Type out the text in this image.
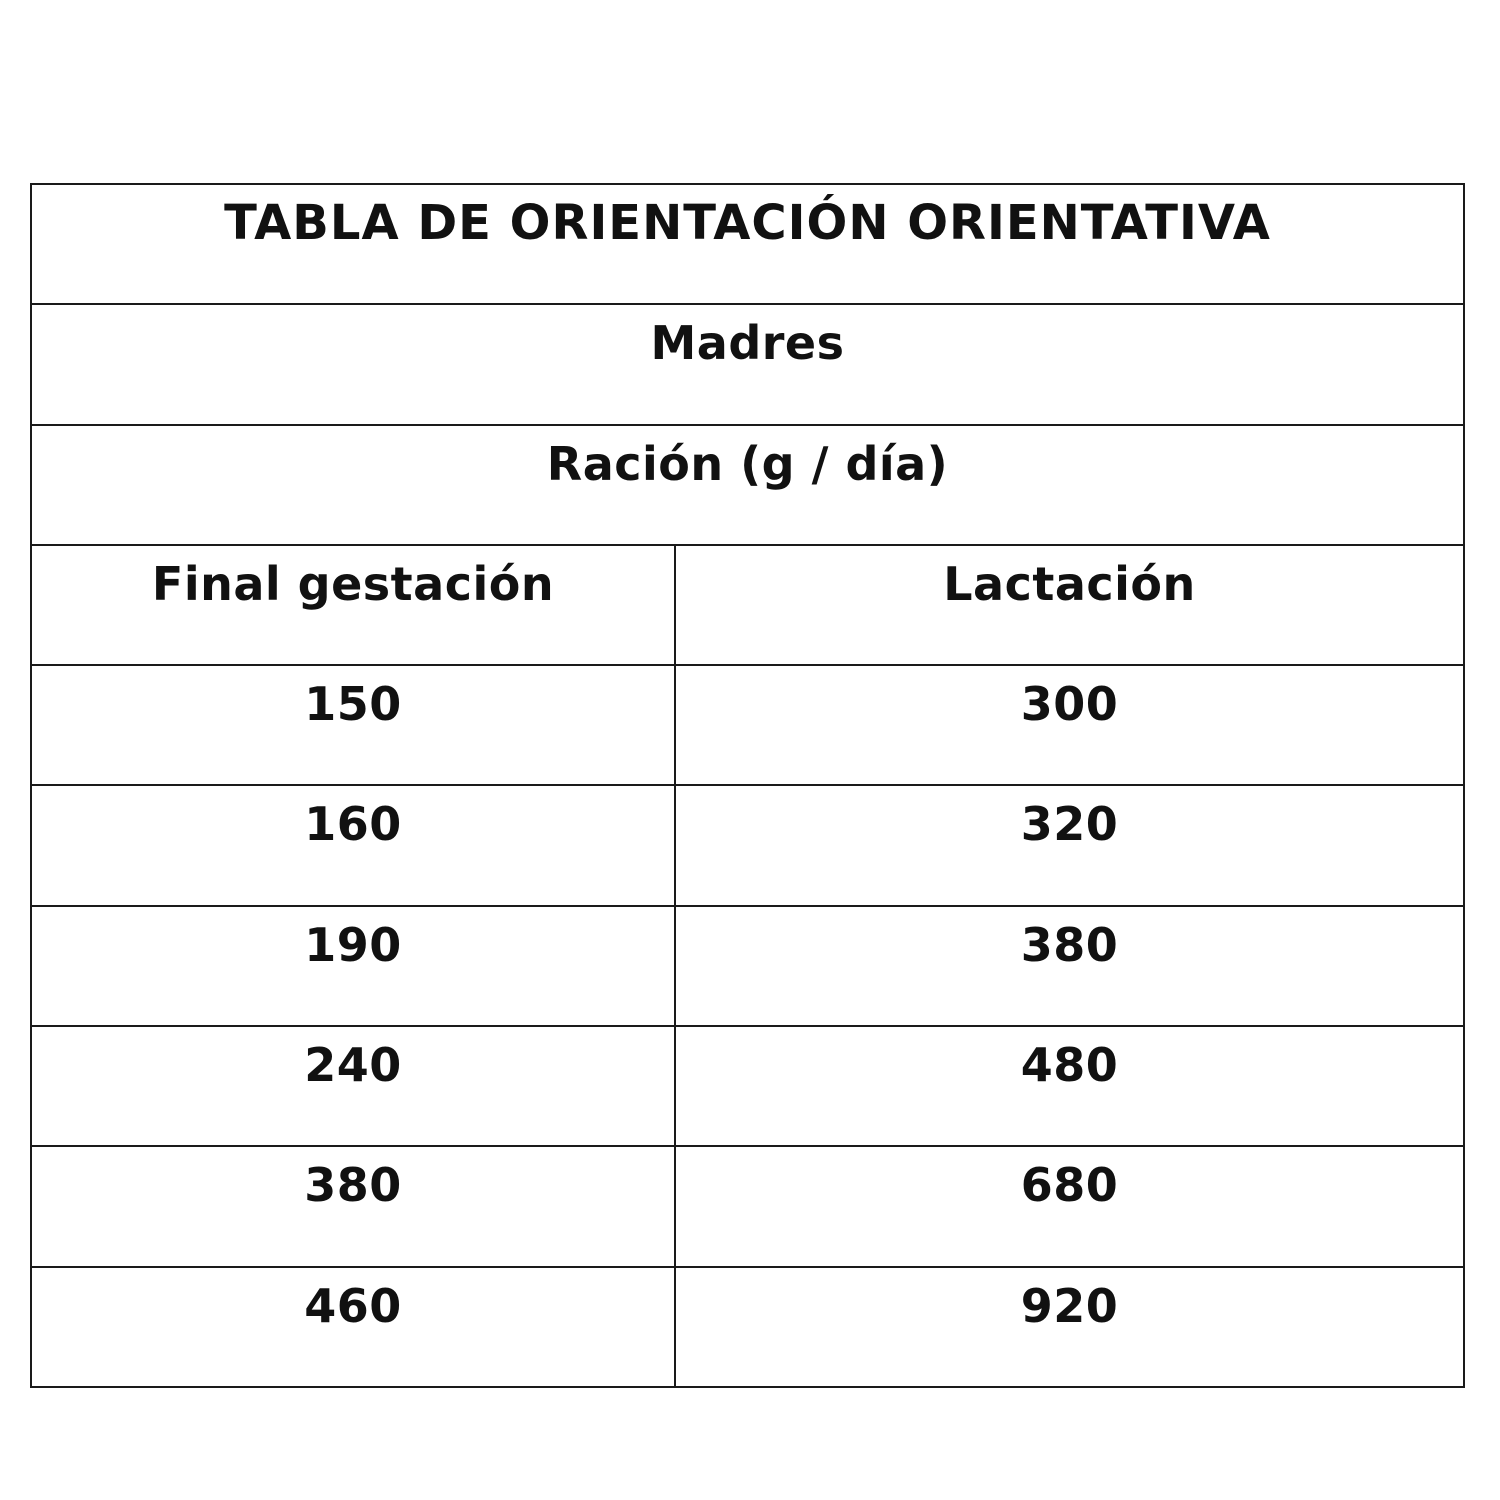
TABLA DE ORIENTACIÓN ORIENTATIVA	

Madres	

Ración (g / día)	

Final gestación	Lactación

150	300

160	320

190	380

240	480

380	680

460	920
